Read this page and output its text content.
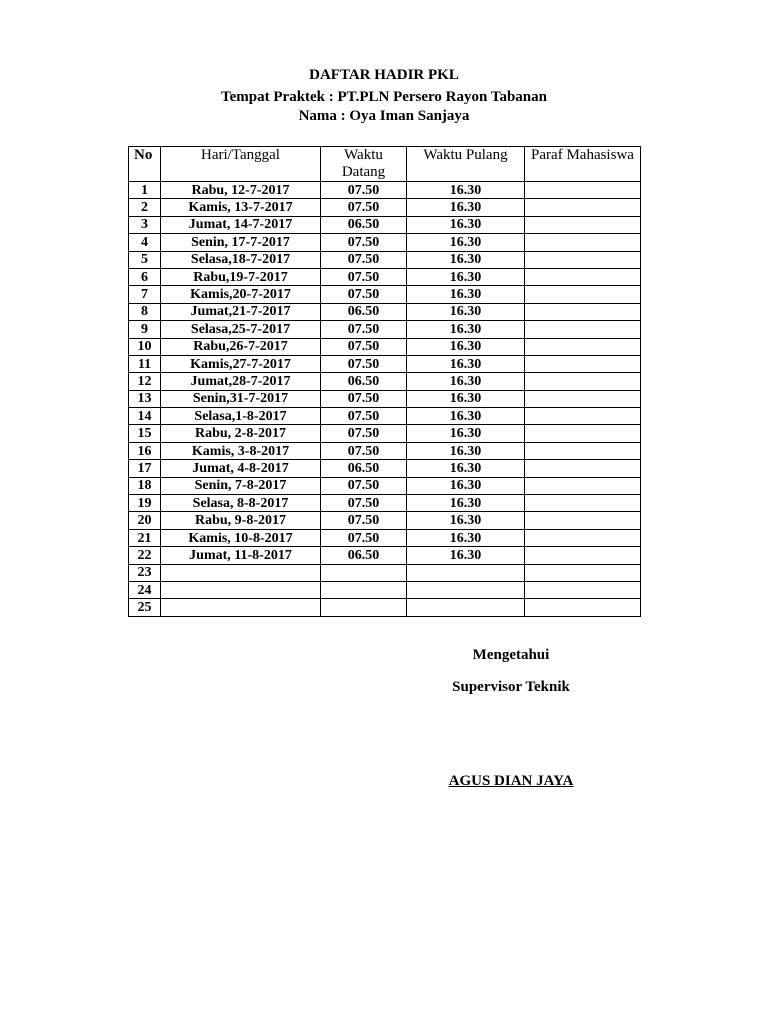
DAFTAR HADIR PKL
Tempat Praktek : PT.PLN Persero Rayon Tabanan
Nama : Oya Iman Sanjaya
No	Hari/Tanggal	Waktu Datang	Waktu Pulang	Paraf Mahasiswa
1	Rabu, 12-7-2017	07.50	16.30	
2	Kamis, 13-7-2017	07.50	16.30	
3	Jumat, 14-7-2017	06.50	16.30	
4	Senin, 17-7-2017	07.50	16.30	
5	Selasa,18-7-2017	07.50	16.30	
6	Rabu,19-7-2017	07.50	16.30	
7	Kamis,20-7-2017	07.50	16.30	
8	Jumat,21-7-2017	06.50	16.30	
9	Selasa,25-7-2017	07.50	16.30	
10	Rabu,26-7-2017	07.50	16.30	
11	Kamis,27-7-2017	07.50	16.30	
12	Jumat,28-7-2017	06.50	16.30	
13	Senin,31-7-2017	07.50	16.30	
14	Selasa,1-8-2017	07.50	16.30	
15	Rabu, 2-8-2017	07.50	16.30	
16	Kamis, 3-8-2017	07.50	16.30	
17	Jumat, 4-8-2017	06.50	16.30	
18	Senin, 7-8-2017	07.50	16.30	
19	Selasa, 8-8-2017	07.50	16.30	
20	Rabu, 9-8-2017	07.50	16.30	
21	Kamis, 10-8-2017	07.50	16.30	
22	Jumat, 11-8-2017	06.50	16.30	
23				
24				
25				
Mengetahui
Supervisor Teknik
AGUS DIAN JAYA
